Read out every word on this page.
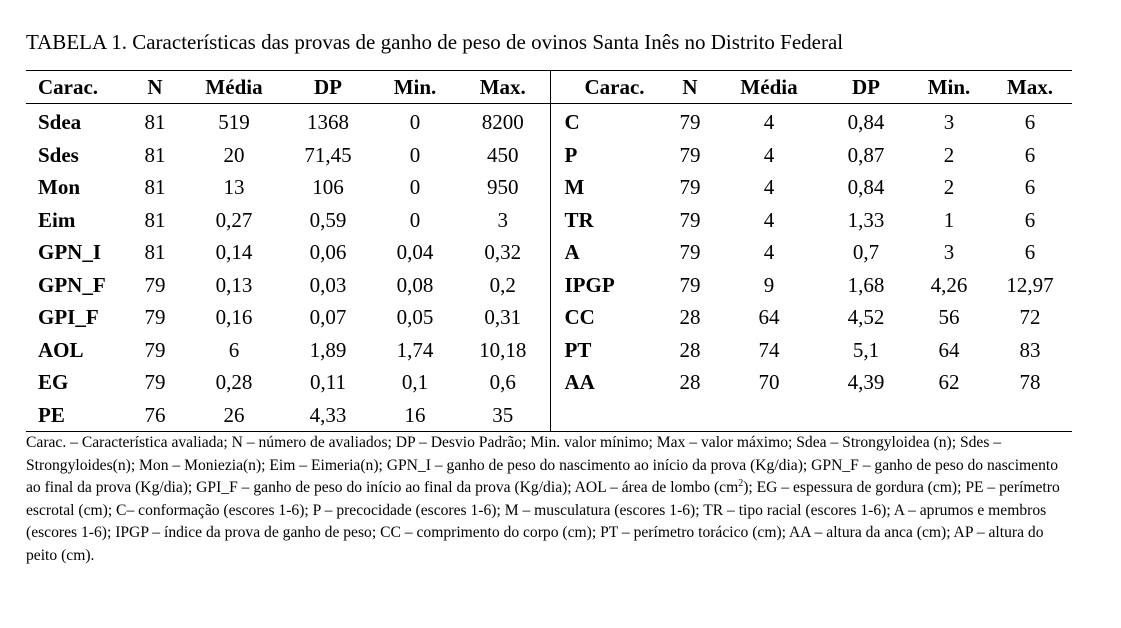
TABELA 1. Características das provas de ganho de peso de ovinos Santa Inês no Distrito Federal
Carac.	N	Média	DP	Min.	Max.	Carac.	N	Média	DP	Min.	Max.
Sdea	81	519	1368	0	8200	C	79	4	0,84	3	6
Sdes	81	20	71,45	0	450	P	79	4	0,87	2	6
Mon	81	13	106	0	950	M	79	4	0,84	2	6
Eim	81	0,27	0,59	0	3	TR	79	4	1,33	1	6
GPN_I	81	0,14	0,06	0,04	0,32	A	79	4	0,7	3	6
GPN_F	79	0,13	0,03	0,08	0,2	IPGP	79	9	1,68	4,26	12,97
GPI_F	79	0,16	0,07	0,05	0,31	CC	28	64	4,52	56	72
AOL	79	6	1,89	1,74	10,18	PT	28	74	5,1	64	83
EG	79	0,28	0,11	0,1	0,6	AA	28	70	4,39	62	78
PE	76	26	4,33	16	35						
Carac. – Característica avaliada; N – número de avaliados; DP – Desvio Padrão; Min. valor mínimo; Max – valor máximo; Sdea – Strongyloidea (n); Sdes – Strongyloides(n); Mon – Moniezia(n); Eim – Eimeria(n); GPN_I – ganho de peso do nascimento ao início da prova (Kg/dia); GPN_F – ganho de peso do nascimento ao final da prova (Kg/dia); GPI_F – ganho de peso do início ao final da prova (Kg/dia); AOL – área de lombo $(cm^2)$; EG – espessura de gordura (cm); PE – perímetro escrotal (cm); C– conformação (escores 1-6); P – precocidade (escores 1-6); M – musculatura (escores 1-6); TR – tipo racial (escores 1-6); A – aprumos e membros (escores 1-6); IPGP – índice da prova de ganho de peso; CC – comprimento do corpo (cm); PT – perímetro torácico (cm); AA – altura da anca (cm); AP – altura do peito (cm).
